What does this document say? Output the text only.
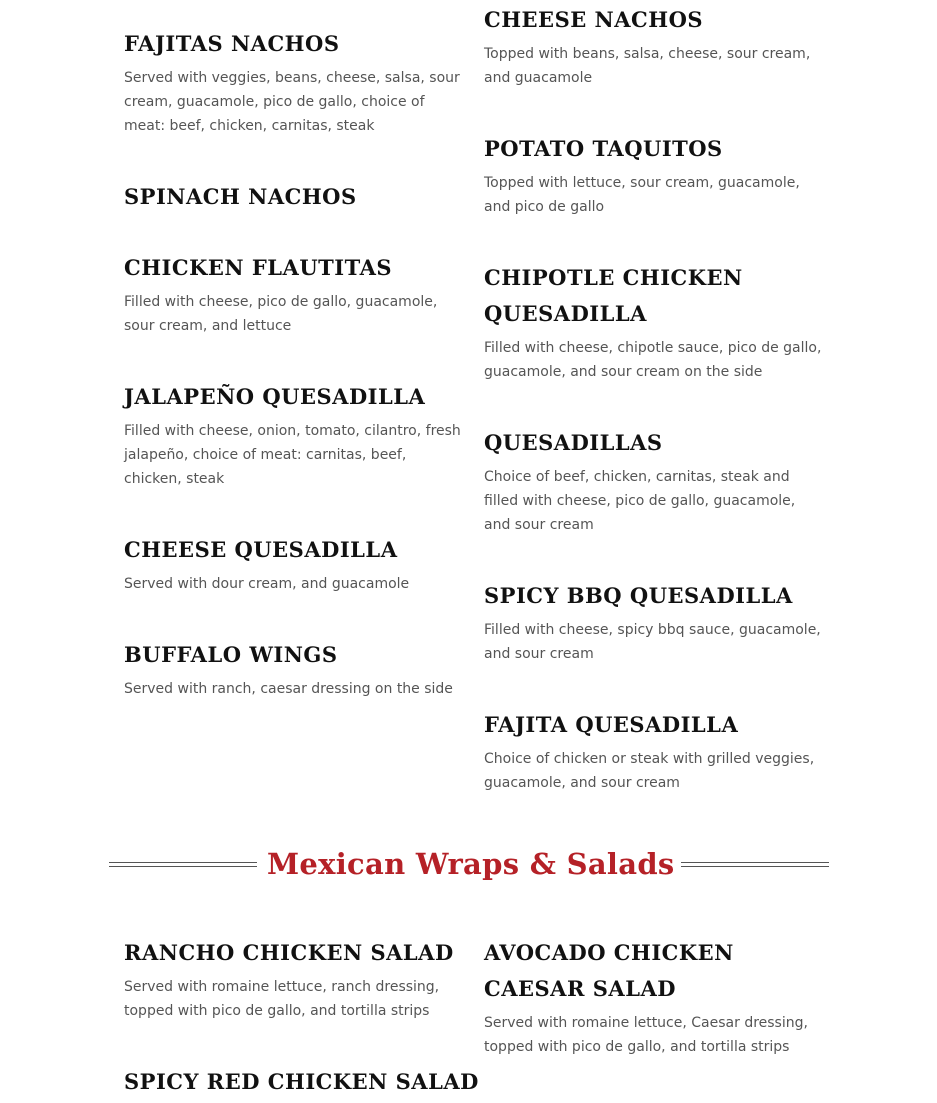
FAJITAS NACHOS

Served with veggies, beans, cheese, salsa, sour cream, guacamole, pico de gallo, choice of meat: beef, chicken, carnitas, steak

SPINACH NACHOS
CHICKEN FLAUTITAS

Filled with cheese, pico de gallo, guacamole, sour cream, and lettuce

JALAPEÑO QUESADILLA

Filled with cheese, onion, tomato, cilantro, fresh jalapeño, choice of meat: carnitas, beef, chicken, steak

CHEESE QUESADILLA

Served with dour cream, and guacamole

BUFFALO WINGS

Served with ranch, caesar dressing on the side

CHEESE NACHOS

Topped with beans, salsa, cheese, sour cream, and guacamole

POTATO TAQUITOS

Topped with lettuce, sour cream, guacamole, and pico de gallo

CHIPOTLE CHICKEN QUESADILLA

Filled with cheese, chipotle sauce, pico de gallo, guacamole, and sour cream on the side

QUESADILLAS

Choice of beef, chicken, carnitas, steak and filled with cheese, pico de gallo, guacamole, and sour cream

SPICY BBQ QUESADILLA

Filled with cheese, spicy bbq sauce, guacamole, and sour cream

FAJITA QUESADILLA

Choice of chicken or steak with grilled veggies, guacamole, and sour cream

Mexican Wraps & Salads
RANCHO CHICKEN SALAD

Served with romaine lettuce, ranch dressing, topped with pico de gallo, and tortilla strips

SPICY RED CHICKEN SALAD
AVOCADO CHICKEN CAESAR SALAD

Served with romaine lettuce, Caesar dressing, topped with pico de gallo, and tortilla strips
